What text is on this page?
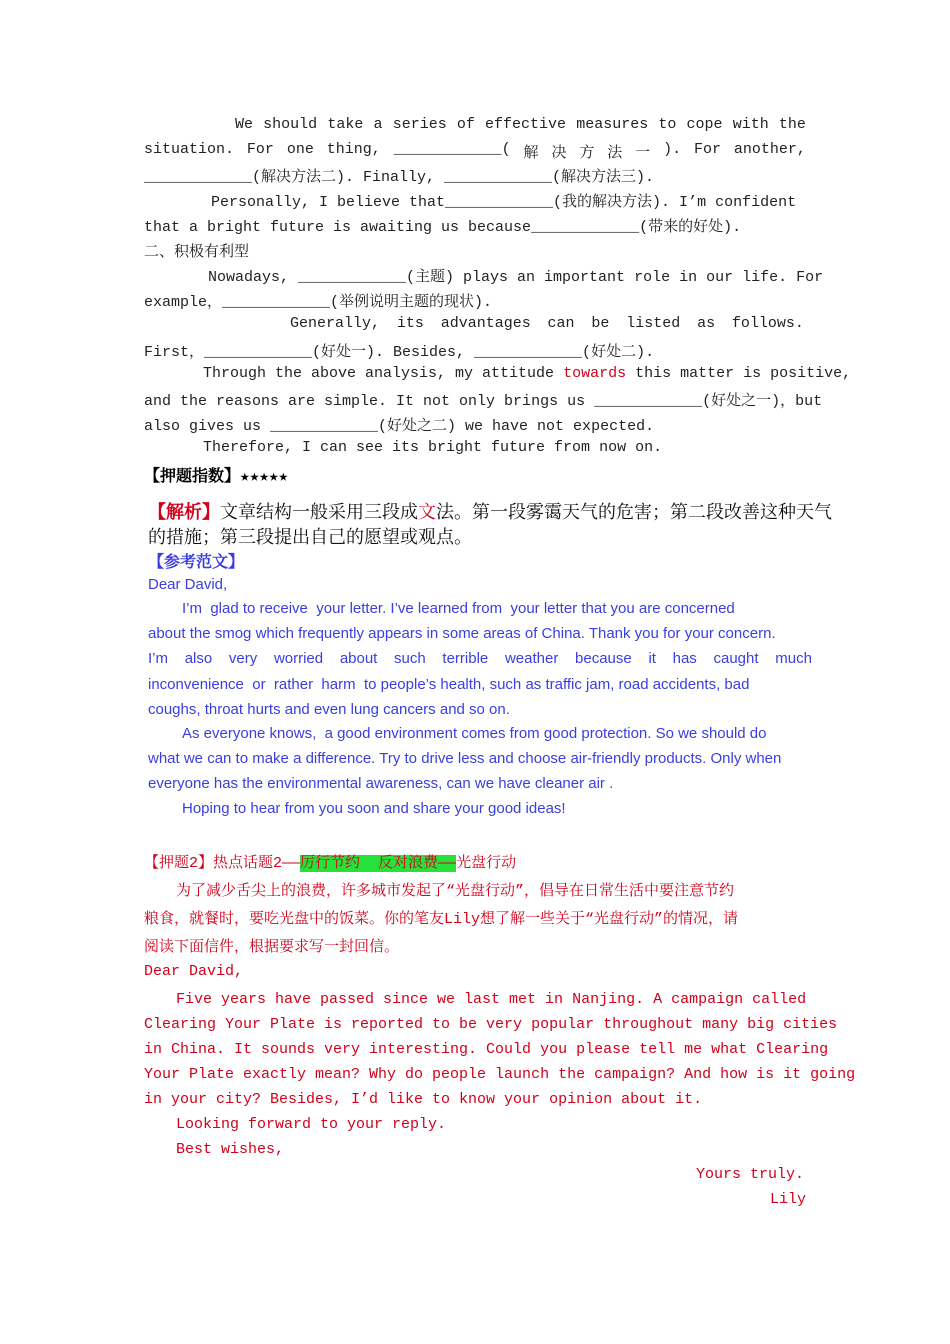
We should take a series of effective measures to cope with the
situation. For one thing, ____________( 解 决 方 法 一 ). For another,
____________(解决方法二). Finally, ____________(解决方法三).
Personally, I believe that____________(我的解决方法). I’m confident
that a bright future is awaiting us because____________(带来的好处).
二、积极有利型
Nowadays, ____________(主题) plays an important role in our life. For
example，____________(举例说明主题的现状).
Generally, its advantages can be listed as follows.
First，____________(好处一). Besides, ____________(好处二).
Through the above analysis, my attitude towards this matter is positive,
and the reasons are simple. It not only brings us ____________(好处之一)，but
also gives us ____________(好处之二) we have not expected.
Therefore, I can see its bright future from now on.
【押题指数】★★★★★
【解析】文章结构一般采用三段成文法。第一段雾霭天气的危害；第二段改善这种天气
的措施；第三段提出自己的愿望或观点。
【参考范文】
Dear David,
I’m  glad to receive  your letter. I’ve learned from  your letter that you are concerned
about the smog which frequently appears in some areas of China. Thank you for your concern.
I’m also very worried about such terrible weather because it has caught much
inconvenience  or  rather  harm  to people’s health, such as traffic jam, road accidents, bad
coughs, throat hurts and even lung cancers and so on.
As everyone knows,  a good environment comes from good protection. So we should do
what we can to make a difference. Try to drive less and choose air-friendly products. Only when
everyone has the environmental awareness, can we have cleaner air .
Hoping to hear from you soon and share your good ideas!
【押题2】热点话题2——厉行节约 反对浪费——光盘行动
为了减少舌尖上的浪费，许多城市发起了“光盘行动”，倡导在日常生活中要注意节约
粮食，就餐时，要吃光盘中的饭菜。你的笔友Lily想了解一些关于“光盘行动”的情况，请
阅读下面信件，根据要求写一封回信。
Dear David,
Five years have passed since we last met in Nanjing. A campaign called
Clearing Your Plate is reported to be very popular throughout many big cities
in China. It sounds very interesting. Could you please tell me what Clearing
Your Plate exactly mean? Why do people launch the campaign? And how is it going
in your city? Besides, I’d like to know your opinion about it.
Looking forward to your reply.
Best wishes,
Yours truly.
Lily
